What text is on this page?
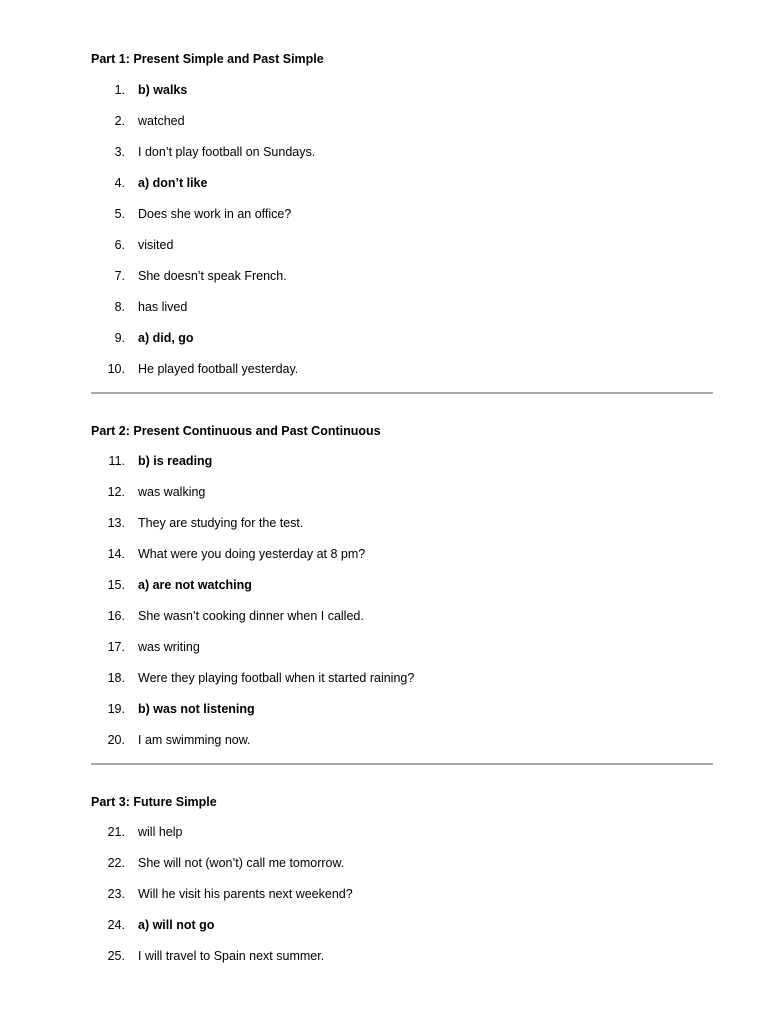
Part 1: Present Simple and Past Simple
1. b) walks
2. watched
3. I don’t play football on Sundays.
4. a) don’t like
5. Does she work in an office?
6. visited
7. She doesn’t speak French.
8. has lived
9. a) did, go
10. He played football yesterday.
Part 2: Present Continuous and Past Continuous
11. b) is reading
12. was walking
13. They are studying for the test.
14. What were you doing yesterday at 8 pm?
15. a) are not watching
16. She wasn’t cooking dinner when I called.
17. was writing
18. Were they playing football when it started raining?
19. b) was not listening
20. I am swimming now.
Part 3: Future Simple
21. will help
22. She will not (won’t) call me tomorrow.
23. Will he visit his parents next weekend?
24. a) will not go
25. I will travel to Spain next summer.
